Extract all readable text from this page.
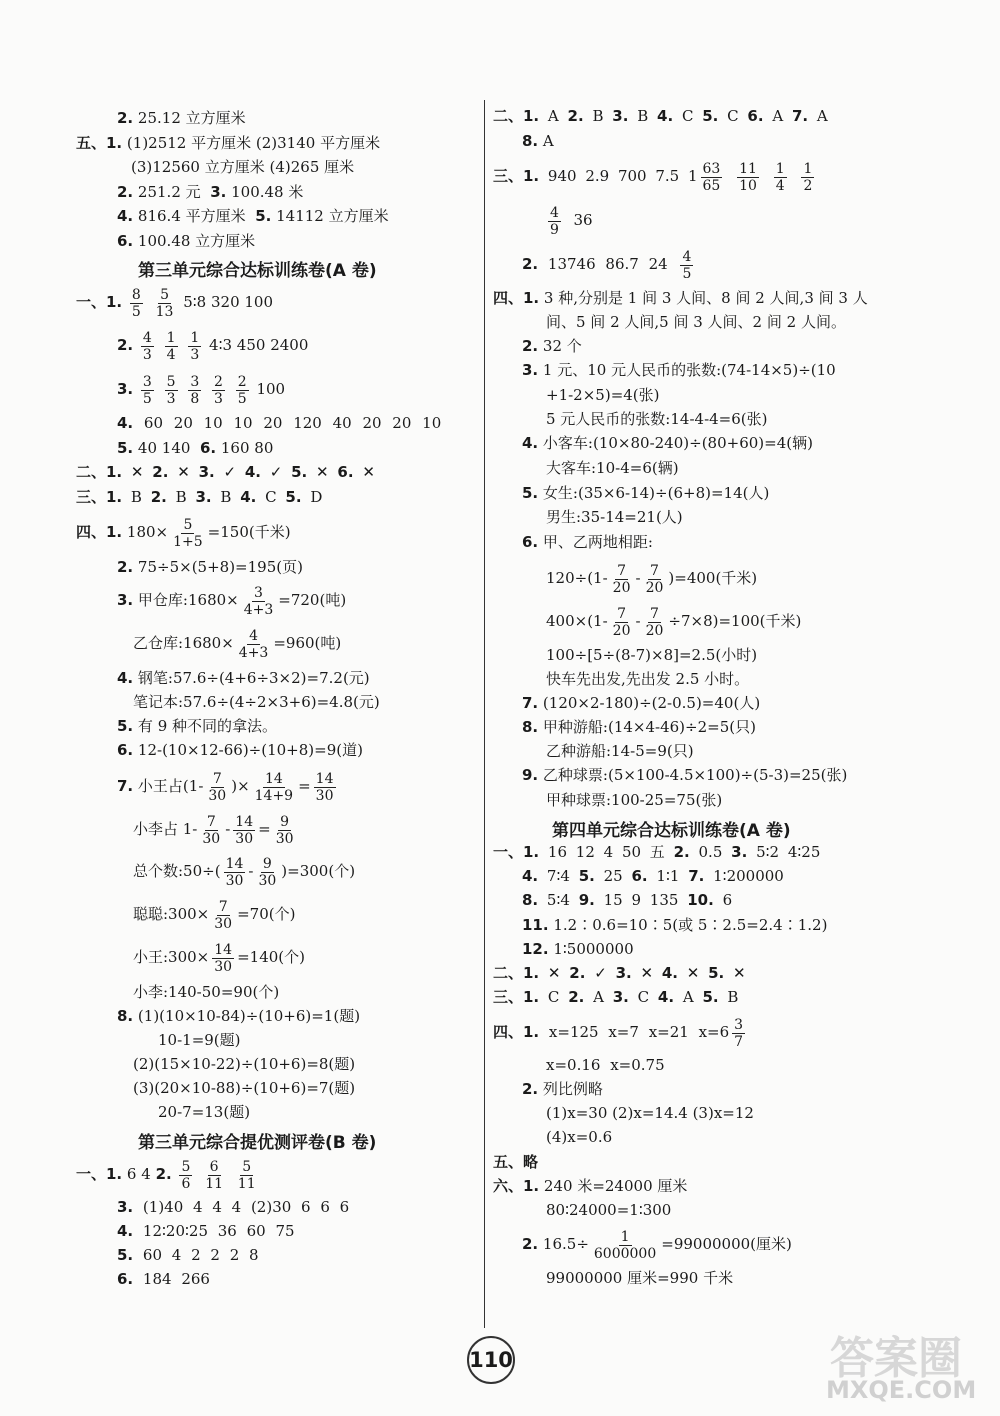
2. 25.12 立方厘米
五、1. (1)2512 平方厘米 (2)3140 平方厘米
(3)12560 立方厘米 (4)265 厘米
2. 251.2 元 3. 100.48 米
4. 816.4 平方厘米 5. 14112 立方厘米
6. 100.48 立方厘米
第三单元综合达标训练卷(A 卷)
一、1. $\frac{8}{5}$
$\frac{5}{13}$ 5∶8 320 100
2. $\frac{4}{3}$
$\frac{1}{4}$
$\frac{1}{3}$ 4∶3 450 2400
3. $\frac{3}{5}$
$\frac{5}{3}$
$\frac{3}{8}$
$\frac{2}{3}$
$\frac{2}{5} 100$
4. 60 20 10 10 20 120 40 20 20 10
5. 40 140 6. 160 80
二、1. ✕ 2. ✕ 3. ✓ 4. ✓ 5. ✕ 6. ✕
三、1. B 2. B 3. B 4. C 5. D
四、1. $180\times \frac{5}{1+5} =150$(千米)
2. 75÷5×(5+8)=195(页)
3. 甲仓库:1680× $\frac{3}{4+3} =720$(吨)
乙仓库:1680× $\frac{4}{4+3} =960$(吨)
4. 钢笔:57.6÷(4+6÷3×2)=7.2(元)
笔记本:57.6÷(4÷2×3+6)=4.8(元)
5. 有 9 种不同的拿法。
6. 12-(10×12-66)÷(10+8)=9(道)
7. 小王占($1- \frac{7}{30}$ )× $\frac{14}{14+9} = \frac{14}{30}$
小李占 $1- \frac{7}{30} - \frac{14}{30} = \frac{9}{30}$
总个数:50÷( $\frac{14}{30} - \frac{9}{30} )=300$(个)
聪聪:300× $\frac{7}{30} =70$(个)
小王:300× $\frac{14}{30} =140$(个)
小李:140-50=90(个)
8. (1)(10×10-84)÷(10+6)=1(题)
10-1=9(题)
(2)(15×10-22)÷(10+6)=8(题)
(3)(20×10-88)÷(10+6)=7(题)
20-7=13(题)
第三单元综合提优测评卷(B 卷)
一、1. 6 4 2. $\frac{5}{6}$
$\frac{6}{11}$
$\frac{5}{11}$
3. (1)40 4 4 4 (2)30 6 6 6
4. 12∶20∶25 36 60 75
5. 60 4 2 2 2 8
6. 184 266
二、1. A 2. B 3. B 4. C 5. C 6. A 7. A
8. A
三、1. 940 2.9 700 7.5 $1 \frac{63}{65}$
$\frac{11}{10}$
$\frac{1}{4}$
$\frac{1}{2}$
$\frac{4}{9} 36$
2. 13746 86.7 $24 \frac{4}{5}$
四、1. 3 种,分别是 1 间 3 人间、8 间 2 人间,3 间 3 人
间、5 间 2 人间,5 间 3 人间、2 间 2 人间。
2. 32 个
3. 1 元、10 元人民币的张数:(74-14×5)÷(10
+1-2×5)=4(张)
5 元人民币的张数:14-4-4=6(张)
4. 小客车:(10×80-240)÷(80+60)=4(辆)
大客车:10-4=6(辆)
5. 女生:(35×6-14)÷(6+8)=14(人)
男生:35-14=21(人)
6. 甲、乙两地相距:
$120\div(1- \frac{7}{20} - \frac{7}{20} )=400$(千米)
$400\times(1- \frac{7}{20} - \frac{7}{20} \div 7\times 8)=100$(千米)
100÷[5÷(8-7)×8]=2.5(小时)
快车先出发,先出发 2.5 小时。
7. (120×2-180)÷(2-0.5)=40(人)
8. 甲种游船:(14×4-46)÷2=5(只)
乙种游船:14-5=9(只)
9. 乙种球票:(5×100-4.5×100)÷(5-3)=25(张)
甲种球票:100-25=75(张)
第四单元综合达标训练卷(A 卷)
一、1. 16 12 4 50 五 2. 0.5 3. 5∶2 4∶25
4. 7∶4 5. 25 6. 1∶1 7. 1∶200000
8. 5∶4 9. 15 9 135 10. 6
11. 1.2∶0.6=10∶5(或 5∶2.5=2.4∶1.2)
12. 1∶5000000
二、1. ✕ 2. ✓ 3. ✕ 4. ✕ 5. ✕
三、1. C 2. A 3. C 4. A 5. B
四、1. x=125 x=7 x=21 $x=6 \frac{3}{7}$
x=0.16 x=0.75
2. 列比例略
(1)x=30 (2)x=14.4 (3)x=12
(4)x=0.6
五、略
六、1. 240 米=24000 厘米
80∶24000=1∶300
2. $16.5\div \frac{1}{6000000} =99000000$(厘米)
99000000 厘米=990 千米
110	答案圈
MXQE.COM
